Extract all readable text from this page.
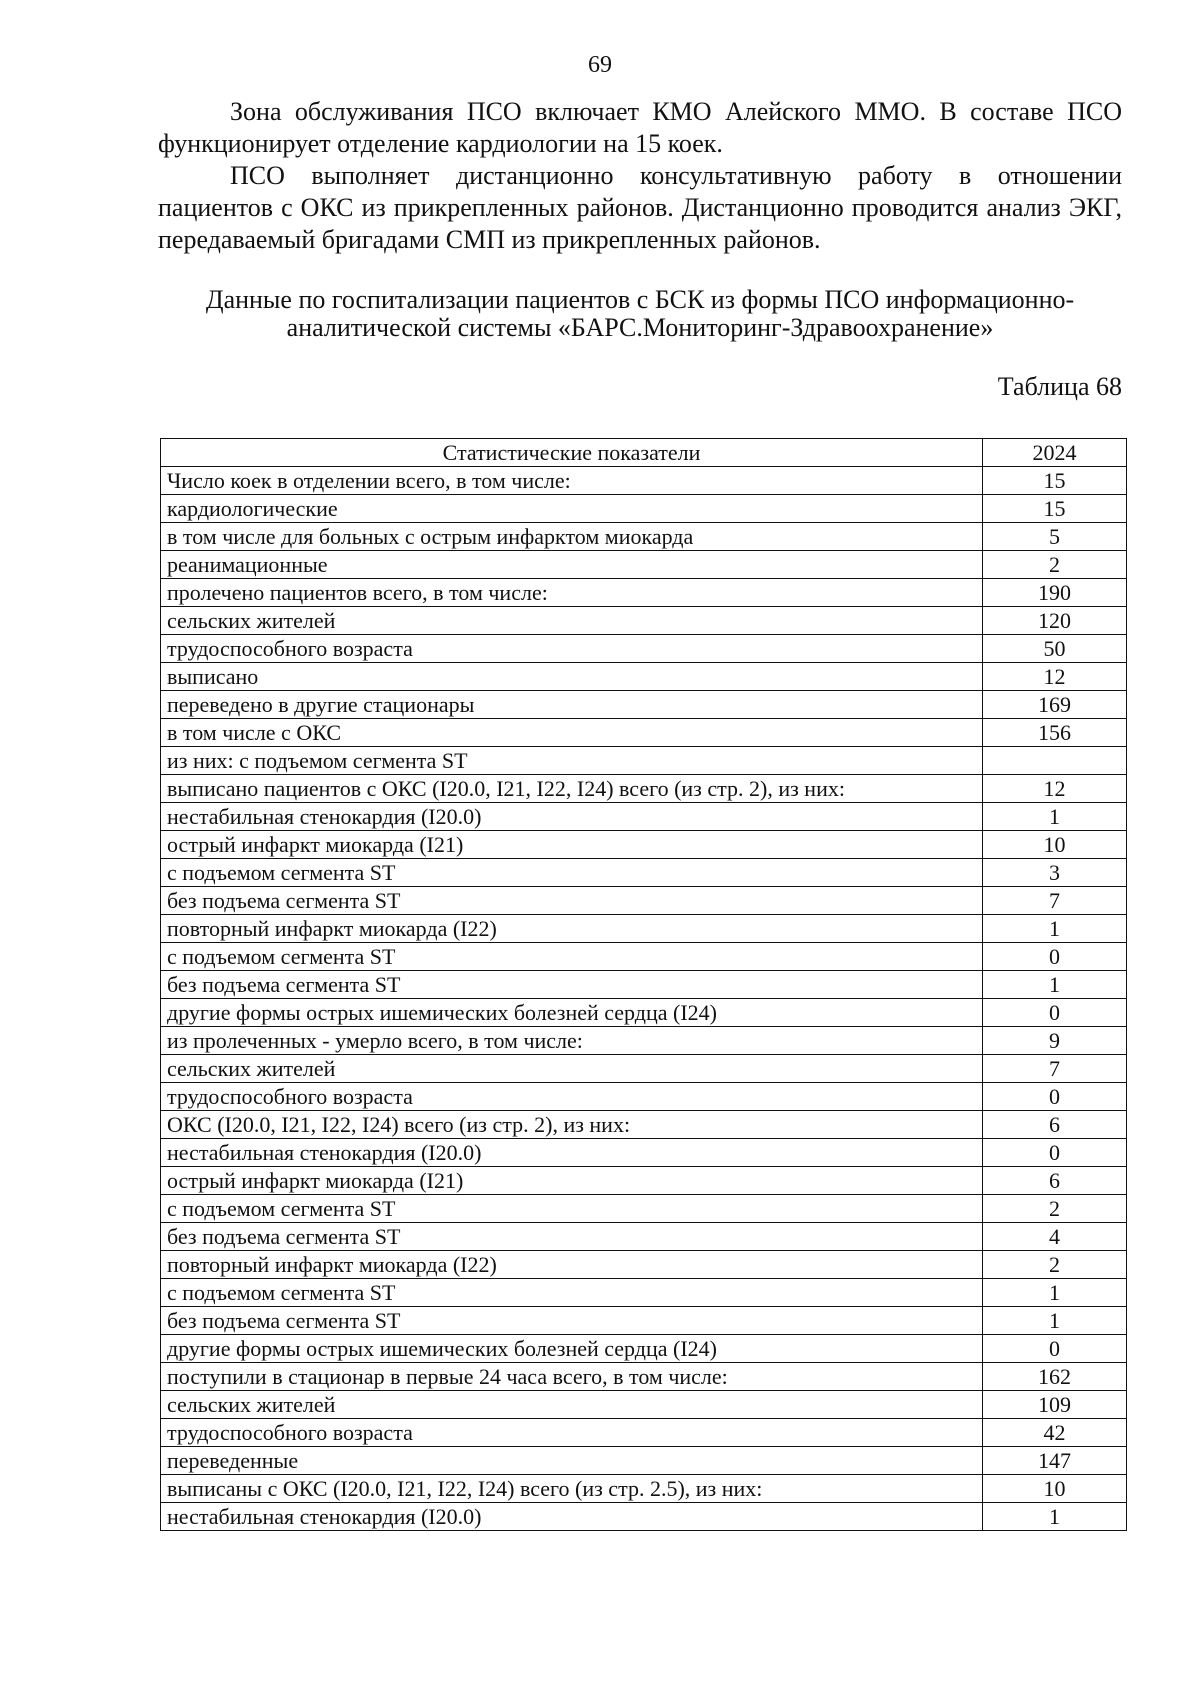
69

Зона обслуживания ПСО включает КМО Алейского ММО. В составе ПСО функционирует отделение кардиологии на 15 коек.

ПСО выполняет дистанционно консультативную работу в отношении пациентов с ОКС из прикрепленных районов. Дистанционно проводится анализ ЭКГ, передаваемый бригадами СМП из прикрепленных районов.

Данные по госпитализации пациентов с БСК из формы ПСО информационно-
аналитической системы «БАРС.Мониторинг-Здравоохранение»
Таблица 68
Статистические показатели	2024
Число коек в отделении всего, в том числе:	15
кардиологические	15
в том числе для больных с острым инфарктом миокарда	5
реанимационные	2
пролечено пациентов всего, в том числе:	190
сельских жителей	120
трудоспособного возраста	50
выписано	12
переведено в другие стационары	169
в том числе с ОКС	156
из них: с подъемом сегмента ST	
выписано пациентов с ОКС (I20.0, I21, I22, I24) всего (из стр. 2), из них:	12
нестабильная стенокардия (I20.0)	1
острый инфаркт миокарда (I21)	10
с подъемом сегмента ST	3
без подъема сегмента ST	7
повторный инфаркт миокарда (I22)	1
с подъемом сегмента ST	0
без подъема сегмента ST	1
другие формы острых ишемических болезней сердца (I24)	0
из пролеченных - умерло всего, в том числе:	9
сельских жителей	7
трудоспособного возраста	0
ОКС (I20.0, I21, I22, I24) всего (из стр. 2), из них:	6
нестабильная стенокардия (I20.0)	0
острый инфаркт миокарда (I21)	6
с подъемом сегмента ST	2
без подъема сегмента ST	4
повторный инфаркт миокарда (I22)	2
с подъемом сегмента ST	1
без подъема сегмента ST	1
другие формы острых ишемических болезней сердца (I24)	0
поступили в стационар в первые 24 часа всего, в том числе:	162
сельских жителей	109
трудоспособного возраста	42
переведенные	147
выписаны с ОКС (I20.0, I21, I22, I24) всего (из стр. 2.5), из них:	10
нестабильная стенокардия (I20.0)	1
